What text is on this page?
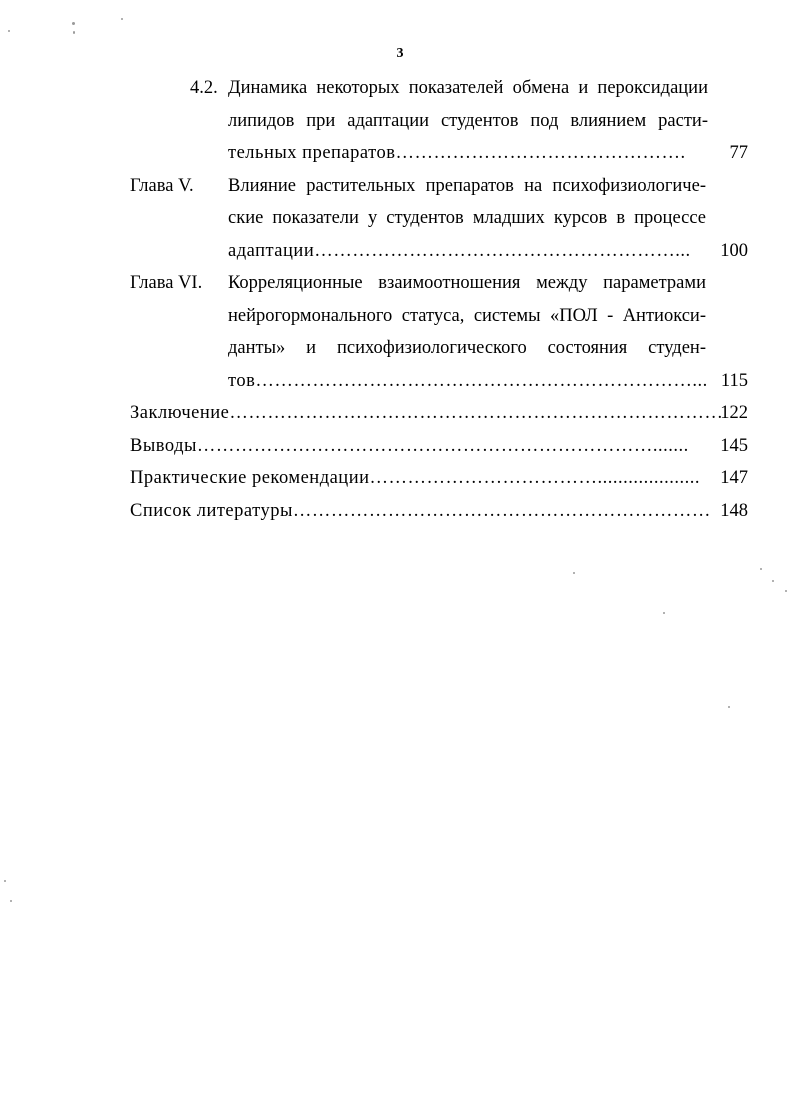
3
4.2. Динамика некоторых показателей обмена и пероксидации
липидов при адаптации студентов под влиянием расти-
тельных препаратов………………………………………. 77
Глава V. Влияние растительных препаратов на психофизиологиче-
ские показатели у студентов младших курсов в процессе
адаптации…………………………………………………... 100
Глава VI. Корреляционные взаимоотношения между параметрами
нейрогормонального статуса, системы «ПОЛ - Антиокси-
данты» и психофизиологического состояния студен-
тов……………………………………………………………... 115
Заключение……………………………………………………………………
122
Выводы………………………………………………………………....... 145
Практические рекомендации……………………………….................... 147
Список литературы………………………………………………………… 148
